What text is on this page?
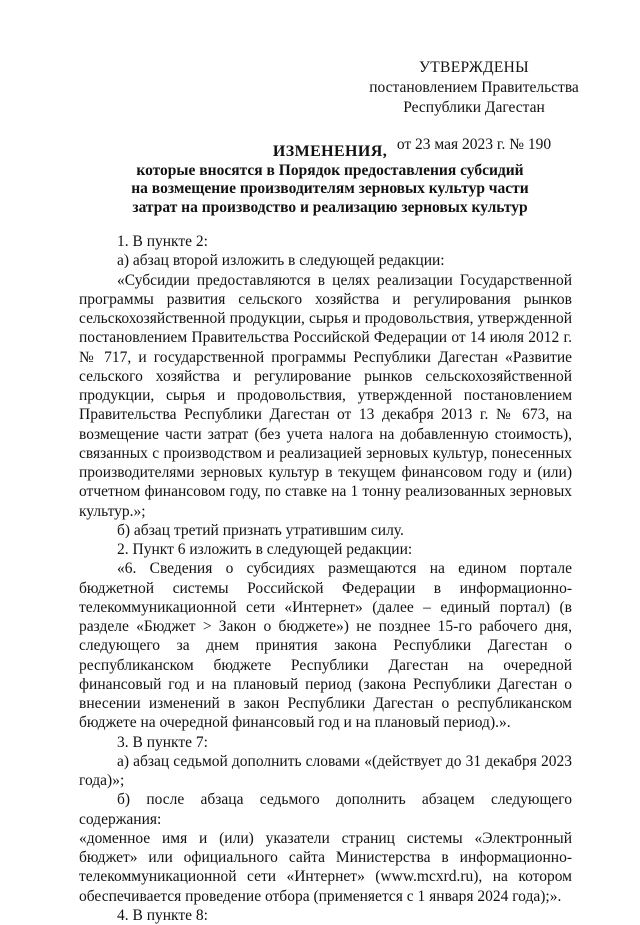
УТВЕРЖДЕНЫ
постановлением Правительства
Республики Дагестан
от 23 мая 2023 г. № 190
ИЗМЕНЕНИЯ,
которые вносятся в Порядок предоставления субсидий
на возмещение производителям зерновых культур части
затрат на производство и реализацию зерновых культур

1. В пункте 2:

а) абзац второй изложить в следующей редакции:

«Субсидии предоставляются в целях реализации Государственной программы развития сельского хозяйства и регулирования рынков сельскохозяйственной продукции, сырья и продовольствия, утвержденной постановлением Правительства Российской Федерации от 14 июля 2012 г. № 717, и государственной программы Республики Дагестан «Развитие сельского хозяйства и регулирование рынков сельскохозяйственной продукции, сырья и продовольствия, утвержденной постановлением Правительства Республики Дагестан от 13 декабря 2013 г. № 673, на возмещение части затрат (без учета налога на добавленную стоимость), связанных с производством и реализацией зерновых культур, понесенных производителями зерновых культур в текущем финансовом году и (или) отчетном финансовом году, по ставке на 1 тонну реализованных зерновых культур.»;

б) абзац третий признать утратившим силу.

2. Пункт 6 изложить в следующей редакции:

«6. Сведения о субсидиях размещаются на едином портале бюджетной системы Российской Федерации в информационно- телекоммуникационной сети «Интернет» (далее – единый портал) (в разделе «Бюджет > Закон о бюджете») не позднее 15-го рабочего дня, следующего за днем принятия закона Республики Дагестан о республиканском бюджете Республики Дагестан на очередной финансовый год и на плановый период (закона Республики Дагестан о внесении изменений в закон Республики Дагестан о республиканском бюджете на очередной финансовый год и на плановый период).».

3. В пункте 7:

а) абзац седьмой дополнить словами «(действует до 31 декабря 2023 года)»;

б) после абзаца седьмого дополнить абзацем следующего содержания:

«доменное имя и (или) указатели страниц системы «Электронный бюджет» или официального сайта Министерства в информационно-телекоммуникационной сети «Интернет» (www.mcxrd.ru), на котором обеспечивается проведение отбора (применяется с 1 января 2024 года);».

4. В пункте 8:
